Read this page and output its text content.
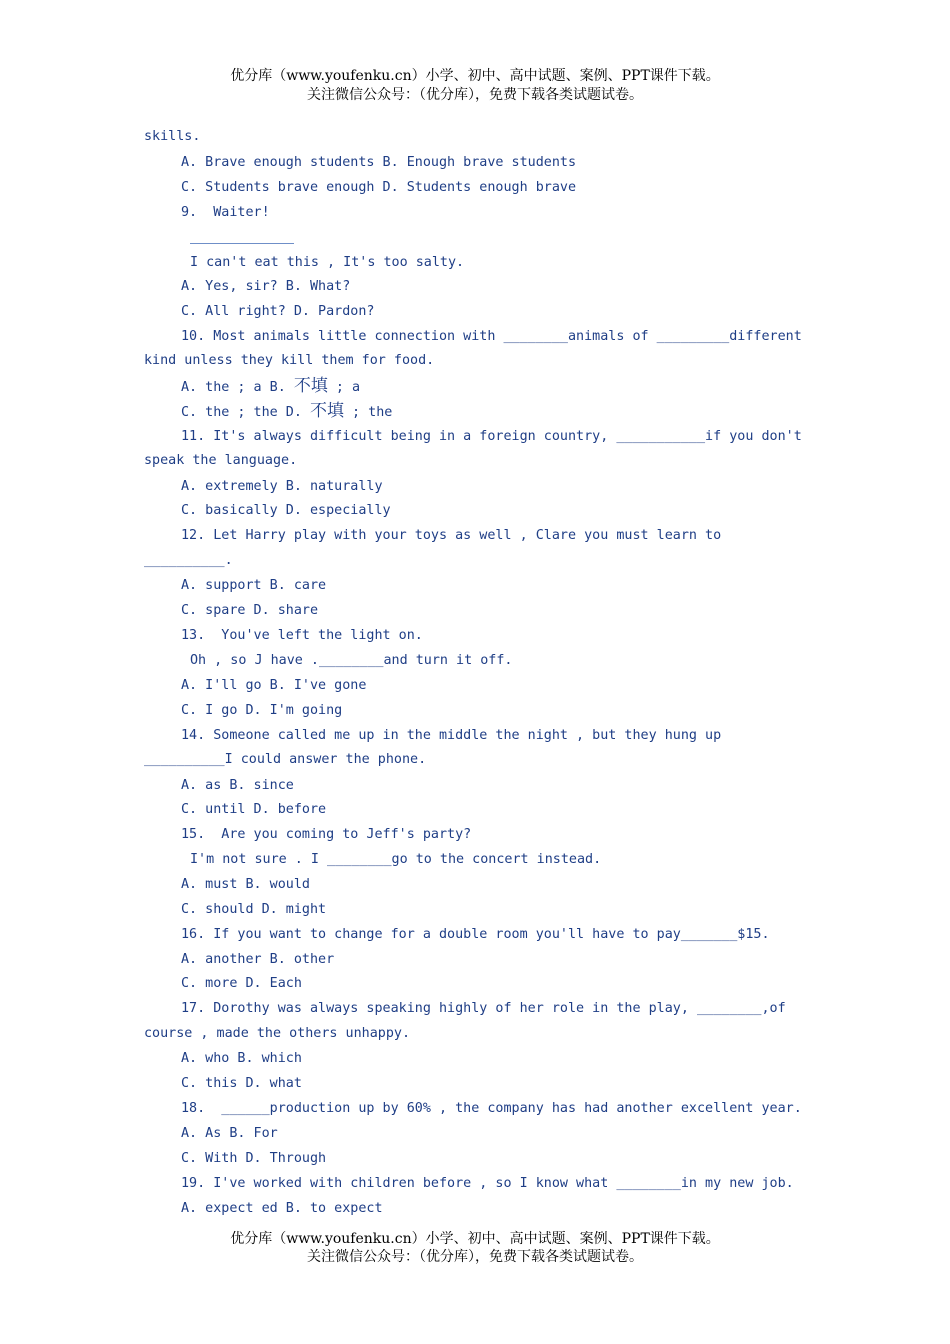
优分库（www.youfenku.cn）小学、初中、高中试题、案例、PPT课件下载。
关注微信公众号：（优分库），免费下载各类试题试卷。
skills.
A. Brave enough students B. Enough brave students
C. Students brave enough D. Students enough brave
9.  Waiter!
I can't eat this , It's too salty.
A. Yes, sir? B. What?
C. All right? D. Pardon?
10. Most animals little connection with ________animals of _________different
kind unless they kill them for food.
A. the ; a B. 不填 ; a
C. the ; the D. 不填 ; the
11. It's always difficult being in a foreign country, ___________if you don't
speak the language.
A. extremely B. naturally
C. basically D. especially
12. Let Harry play with your toys as well , Clare you must learn to
__________.
A. support B. care
C. spare D. share
13.  You've left the light on.
Oh , so J have .________and turn it off.
A. I'll go B. I've gone
C. I go D. I'm going
14. Someone called me up in the middle the night , but they hung up
__________I could answer the phone.
A. as B. since
C. until D. before
15.  Are you coming to Jeff's party?
I'm not sure . I ________go to the concert instead.
A. must B. would
C. should D. might
16. If you want to change for a double room you'll have to pay_______$15.
A. another B. other
C. more D. Each
17. Dorothy was always speaking highly of her role in the play, ________,of
course , made the others unhappy.
A. who B. which
C. this D. what
18.  ______production up by 60% , the company has had another excellent year.
A. As B. For
C. With D. Through
19. I've worked with children before , so I know what ________in my new job.
A. expect ed B. to expect
优分库（www.youfenku.cn）小学、初中、高中试题、案例、PPT课件下载。
关注微信公众号：（优分库），免费下载各类试题试卷。
